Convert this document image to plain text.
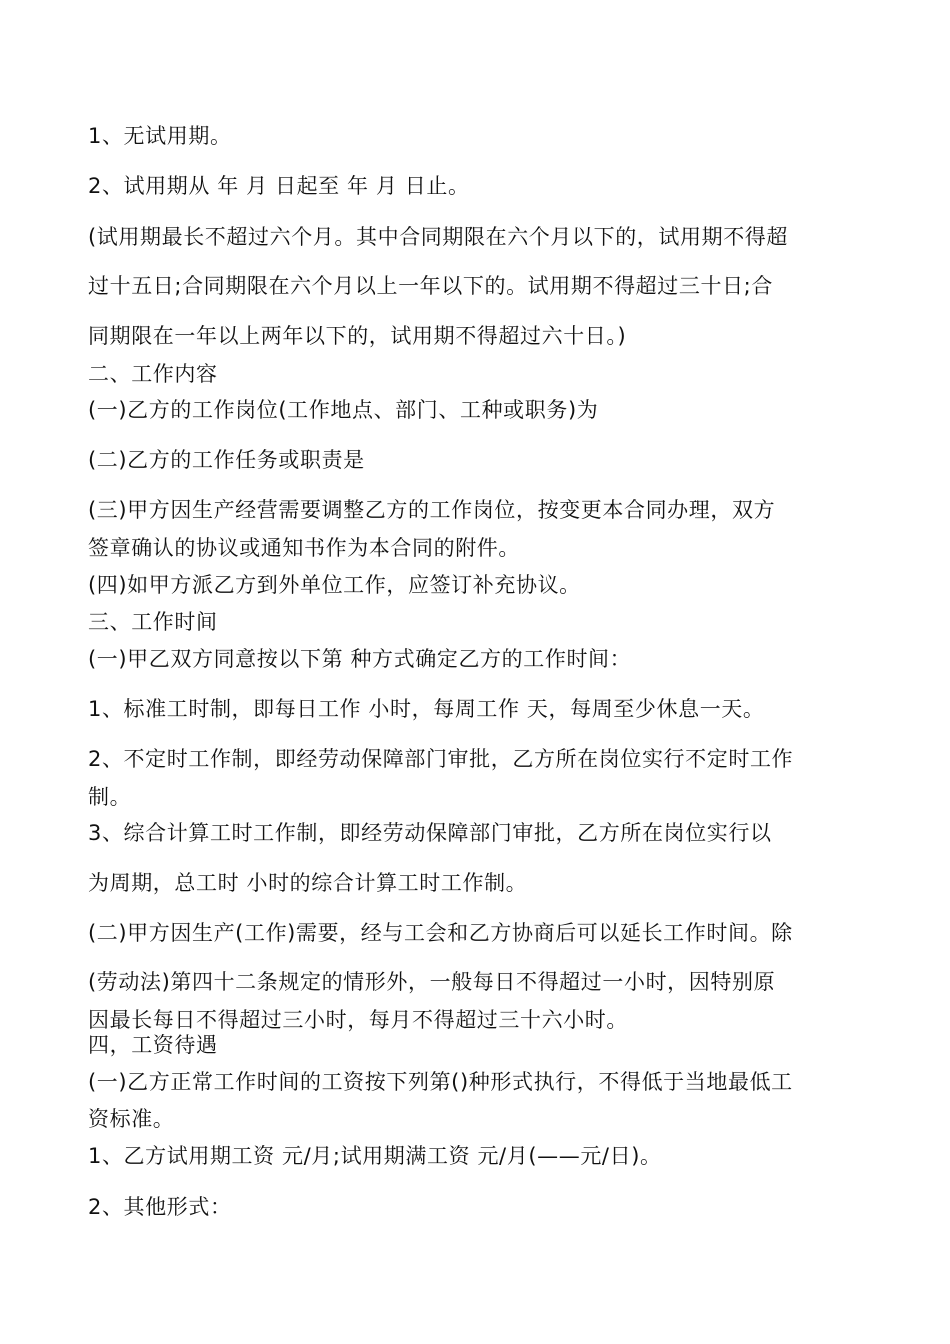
1、无试用期。
2、试用期从 年 月 日起至 年 月 日止。
(试用期最长不超过六个月。其中合同期限在六个月以下的，试用期不得超
过十五日;合同期限在六个月以上一年以下的。试用期不得超过三十日;合
同期限在一年以上两年以下的，试用期不得超过六十日。)
二、工作内容
(一)乙方的工作岗位(工作地点、部门、工种或职务)为
(二)乙方的工作任务或职责是
(三)甲方因生产经营需要调整乙方的工作岗位，按变更本合同办理，双方
签章确认的协议或通知书作为本合同的附件。
(四)如甲方派乙方到外单位工作，应签订补充协议。
三、工作时间
(一)甲乙双方同意按以下第 种方式确定乙方的工作时间：
1、标准工时制，即每日工作 小时，每周工作 天，每周至少休息一天。
2、不定时工作制，即经劳动保障部门审批，乙方所在岗位实行不定时工作
制。
3、综合计算工时工作制，即经劳动保障部门审批，乙方所在岗位实行以
为周期，总工时 小时的综合计算工时工作制。
(二)甲方因生产(工作)需要，经与工会和乙方协商后可以延长工作时间。除
(劳动法)第四十二条规定的情形外，一般每日不得超过一小时，因特别原
因最长每日不得超过三小时，每月不得超过三十六小时。
四，工资待遇
(一)乙方正常工作时间的工资按下列第()种形式执行，不得低于当地最低工
资标准。
1、乙方试用期工资 元/月;试用期满工资 元/月(——元/日)。
2、其他形式：
